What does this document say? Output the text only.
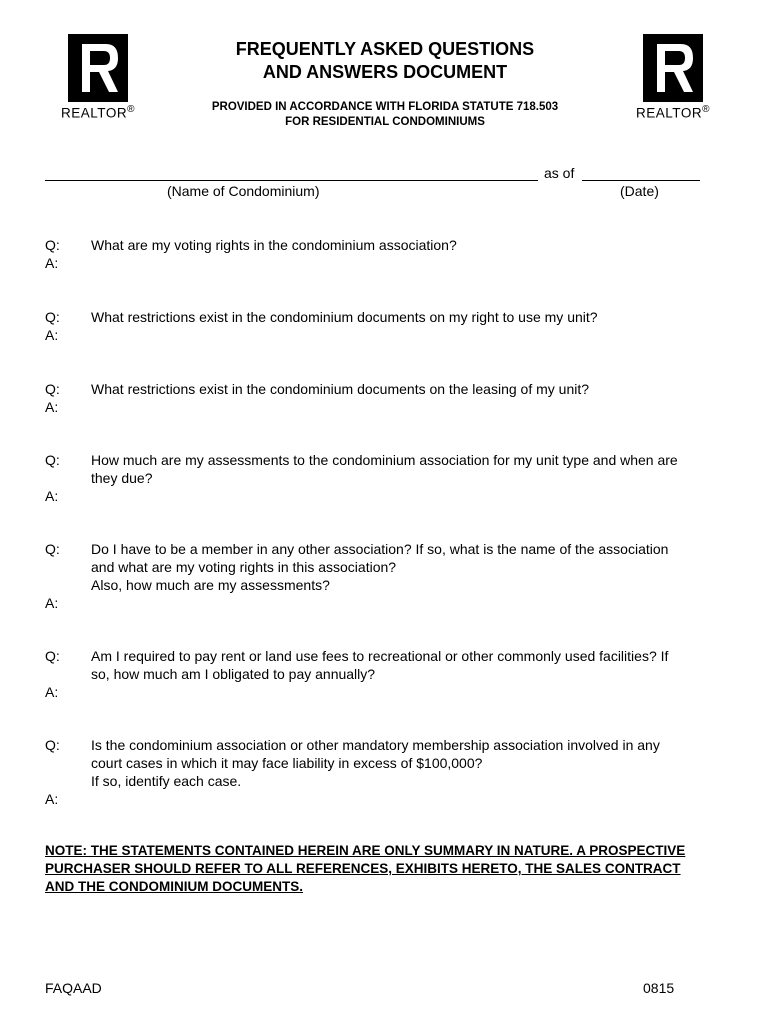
REALTOR®	REALTOR®
FREQUENTLY ASKED QUESTIONS
AND ANSWERS DOCUMENT
PROVIDED IN ACCORDANCE WITH FLORIDA STATUTE 718.503
FOR RESIDENTIAL CONDOMINIUMS
as of
(Name of Condominium)	(Date)
Q: What are my voting rights in the condominium association?
A:
Q: What restrictions exist in the condominium documents on my right to use my unit?
A:
Q: What restrictions exist in the condominium documents on the leasing of my unit?
A:
Q: How much are my assessments to the condominium association for my unit type and when are
they due?
A:
Q: Do I have to be a member in any other association? If so, what is the name of the association
and what are my voting rights in this association?
Also, how much are my assessments?
A:
Q: Am I required to pay rent or land use fees to recreational or other commonly used facilities? If
so, how much am I obligated to pay annually?
A:
Q: Is the condominium association or other mandatory membership association involved in any
court cases in which it may face liability in excess of $100,000?
If so, identify each case.
A:
NOTE: THE STATEMENTS CONTAINED HEREIN ARE ONLY SUMMARY IN NATURE. A PROSPECTIVE
PURCHASER SHOULD REFER TO ALL REFERENCES, EXHIBITS HERETO, THE SALES CONTRACT
AND THE CONDOMINIUM DOCUMENTS.
FAQAAD	0815
